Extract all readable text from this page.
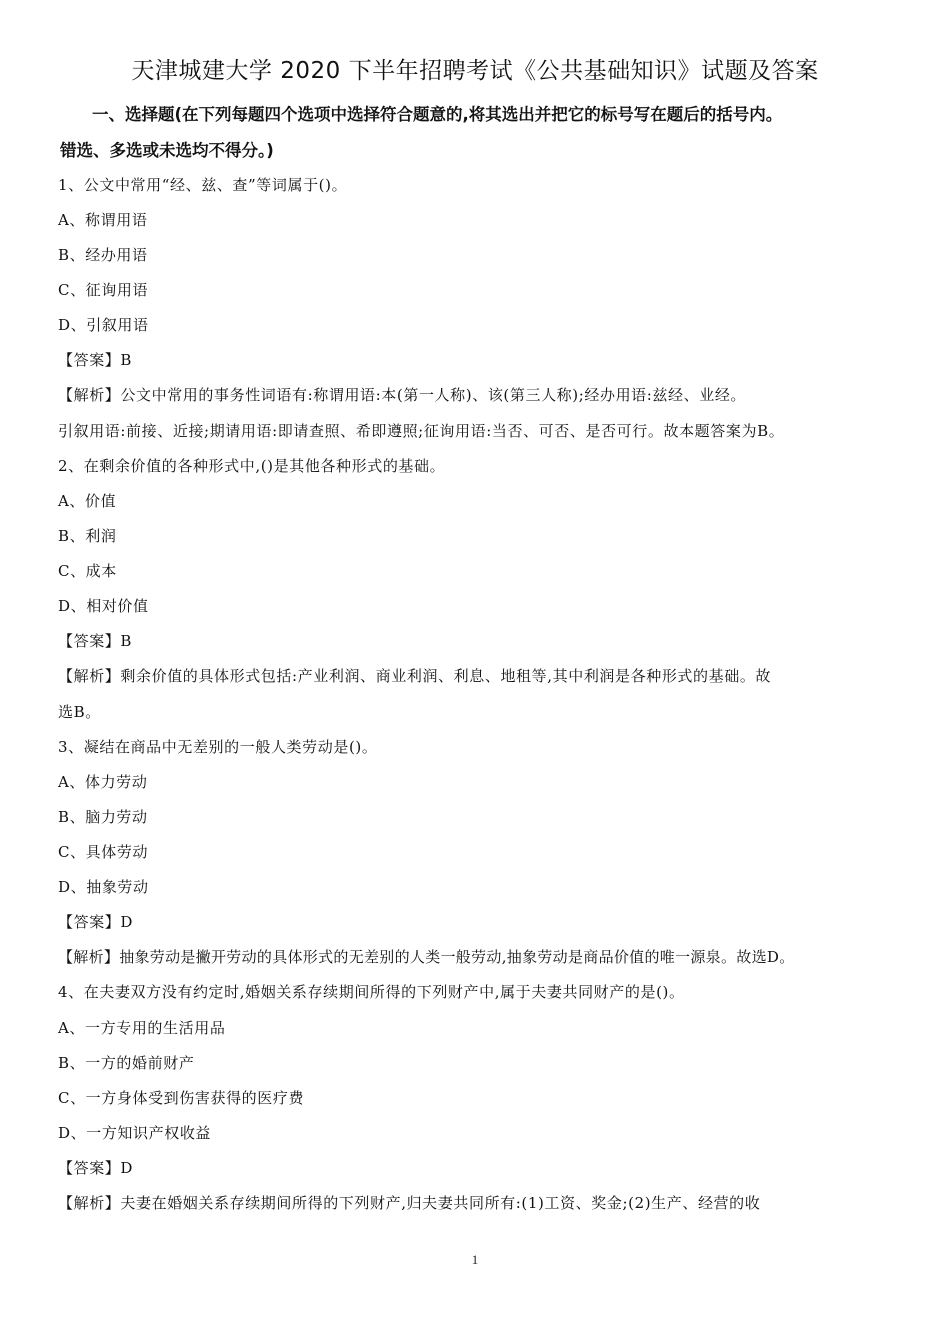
天津城建大学 2020 下半年招聘考试《公共基础知识》试题及答案
一、选择题(在下列每题四个选项中选择符合题意的,将其选出并把它的标号写在题后的括号内。
错选、多选或未选均不得分。)
1、公文中常用“经、兹、查”等词属于()。
A、称谓用语
B、经办用语
C、征询用语
D、引叙用语
【答案】B
【解析】公文中常用的事务性词语有:称谓用语:本(第一人称)、该(第三人称);经办用语:兹经、业经。
引叙用语:前接、近接;期请用语:即请查照、希即遵照;征询用语:当否、可否、是否可行。故本题答案为B。
2、在剩余价值的各种形式中,()是其他各种形式的基础。
A、价值
B、利润
C、成本
D、相对价值
【答案】B
【解析】剩余价值的具体形式包括:产业利润、商业利润、利息、地租等,其中利润是各种形式的基础。故
选B。
3、凝结在商品中无差别的一般人类劳动是()。
A、体力劳动
B、脑力劳动
C、具体劳动
D、抽象劳动
【答案】D
【解析】抽象劳动是撇开劳动的具体形式的无差别的人类一般劳动,抽象劳动是商品价值的唯一源泉。故选D。
4、在夫妻双方没有约定时,婚姻关系存续期间所得的下列财产中,属于夫妻共同财产的是()。
A、一方专用的生活用品
B、一方的婚前财产
C、一方身体受到伤害获得的医疗费
D、一方知识产权收益
【答案】D
【解析】夫妻在婚姻关系存续期间所得的下列财产,归夫妻共同所有:(1)工资、奖金;(2)生产、经营的收
1
